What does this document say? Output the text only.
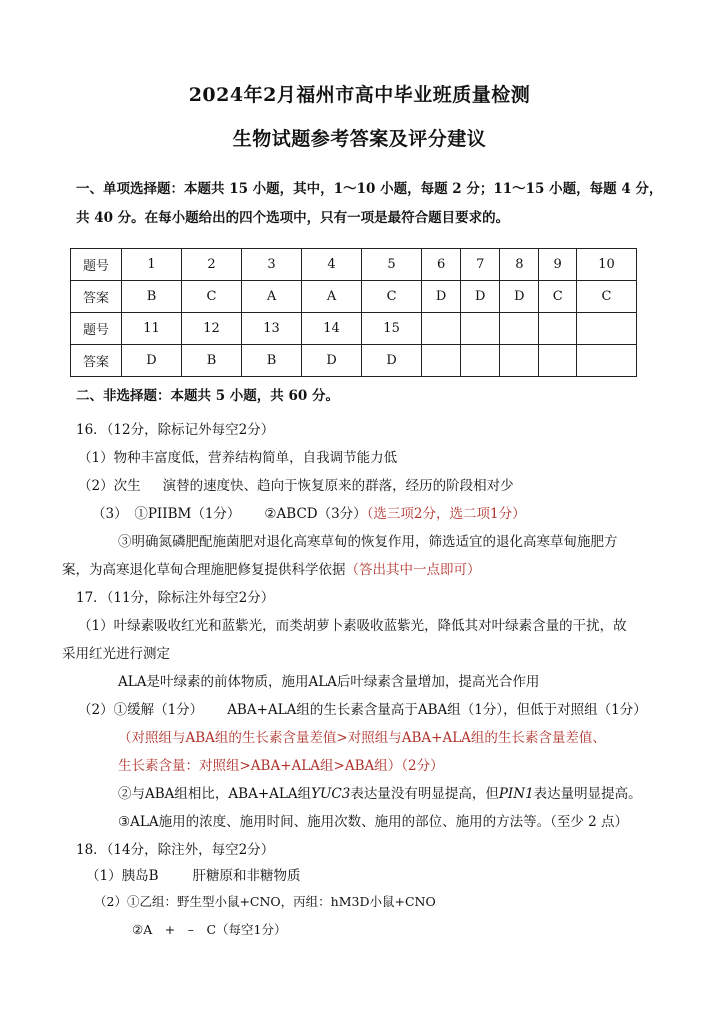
2024年2月福州市高中毕业班质量检测
生物试题参考答案及评分建议
一、单项选择题：本题共 15 小题，其中，1～10 小题，每题 2 分；11～15 小题，每题 4 分，
共 40 分。在每小题给出的四个选项中，只有一项是最符合题目要求的。
题号	1	2	3	4	5	6	7	8	9	10
答案	B	C	A	A	C	D	D	D	C	C
题号	11	12	13	14	15					
答案	D	B	B	D	D					
二、非选择题：本题共 5 小题，共 60 分。
16．（12分，除标记外每空2分）
（1）物种丰富度低，营养结构简单，自我调节能力低
（2）次生 演替的速度快、趋向于恢复原来的群落，经历的阶段相对少
（3）　①PIIBM（1分） ②ABCD（3分）（选三项2分，选二项1分）
③明确氮磷肥配施菌肥对退化高寒草甸的恢复作用，筛选适宜的退化高寒草甸施肥方
案，为高寒退化草甸合理施肥修复提供科学依据（答出其中一点即可）
17．（11分，除标注外每空2分）
（1）叶绿素吸收红光和蓝紫光，而类胡萝卜素吸收蓝紫光，降低其对叶绿素含量的干扰，故
采用红光进行测定
ALA是叶绿素的前体物质，施用ALA后叶绿素含量增加，提高光合作用
（2）①缓解（1分） ABA+ALA组的生长素含量高于ABA组（1分），但低于对照组（1分）
（对照组与ABA组的生长素含量差值>对照组与ABA+ALA组的生长素含量差值、
生长素含量：对照组>ABA+ALA组>ABA组）（2分）
②与ABA组相比，ABA+ALA组YUC3表达量没有明显提高，但PIN1表达量明显提高。
③ALA施用的浓度、施用时间、施用次数、施用的部位、施用的方法等。（至少 2 点）
18．（14分，除注外，每空2分）
（1）胰岛B	肝糖原和非糖物质
（2）①乙组：野生型小鼠+CNO，丙组：hM3D小鼠+CNO
②A　+　–　C（每空1分）
